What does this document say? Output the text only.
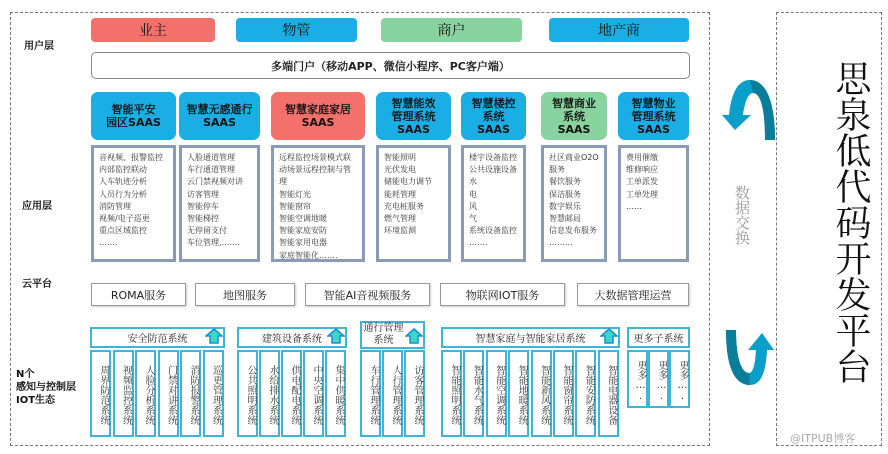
用户层
应用层
云平台
N个
感知与控制层
IOT生态
业主	物管	商户	地产商
多端门户（移动APP、微信小程序、PC客户端）
智能平安
园区SAAS
音视频、报警监控
内部监控联动
人车轨迹分析
人员行为分析
消防管理
视频/电子巡更
重点区域监控
…….
智慧无感通行
SAAS
人脸通道管理
车行通道管理
云门禁视频对讲
访客管理
智能停车
智能梯控
无停留支付
车位管理,…….
智慧家庭家居
SAAS
远程监控场景模式联动场景远程控制与管理
智能灯光
智能窗帘
智能空调地暖
智能家庭安防
智能家用电器
家庭智能化…….
智慧能效
管理系统
SAAS
智能照明
光伏发电
储能电力调节
能耗管理
充电桩服务
燃气管理
环境监测
智慧楼控
系统
SAAS
楼宇设备监控
公共设施设备
水
电
风
气
系统设备监控
…….
智慧商业
系统
SAAS
社区商业O2O服务
餐饮服务
保洁服务
数字娱乐
智慧邮局
信息发布服务
……...
智慧物业
管理系统
SAAS
费用催缴
维修响应
工单派发
工单处理
……
ROMA服务	地图服务	智能AI音视频服务	物联网IOT服务	大数据管理运营
安全防范系统
周界防范系统	视频监控系统	人脸分析系统	门禁对讲系统	消防报警系统	巡更管理系统
建筑设备系统
公共照明系统	水给排水系统	供电配电系统	中央空调系统	集中供暖系统
通行管理系统
车行管理系统	人行管理系统	访客管理系统
智慧家庭与智能家居系统
智能照明系统	智能水气系统	智能空调系统	智能地暖系统	智能新风系统	智能窗帘系统	智能安防系统	智能电器设备
更多子系统
更多….	更多….	更多….
数据交换	思泉低代码开发平台
@ITPUB博客
